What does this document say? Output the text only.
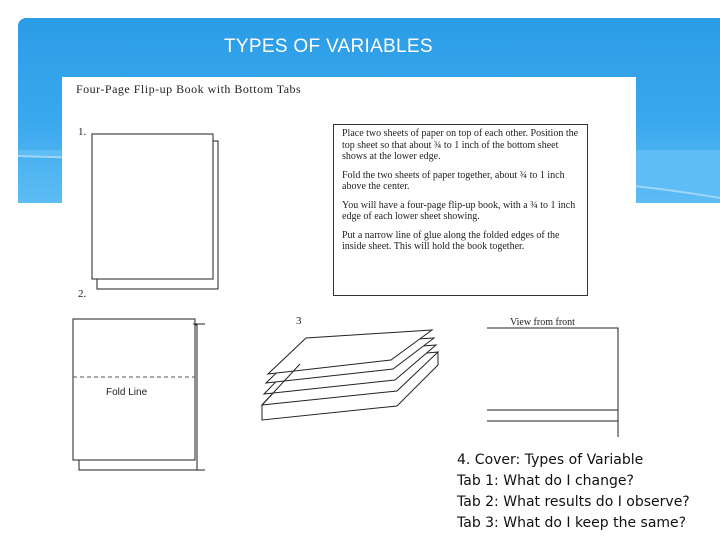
TYPES OF VARIABLES
Four-Page Flip-up Book with Bottom Tabs
1.
2.
3

Place two sheets of paper on top of each other. Position the top sheet so that about ¾ to 1 inch of the bottom sheet shows at the lower edge.

Fold the two sheets of paper together, about ¾ to 1 inch above the center.

You will have a four-page flip-up book, with a ¾ to 1 inch edge of each lower sheet showing.

Put a narrow line of glue along the folded edges of the inside sheet. This will hold the book together.

Fold Line
View from front
4. Cover: Types of Variable
Tab 1: What do I change?
Tab 2: What results do I observe?
Tab 3: What do I keep the same?
